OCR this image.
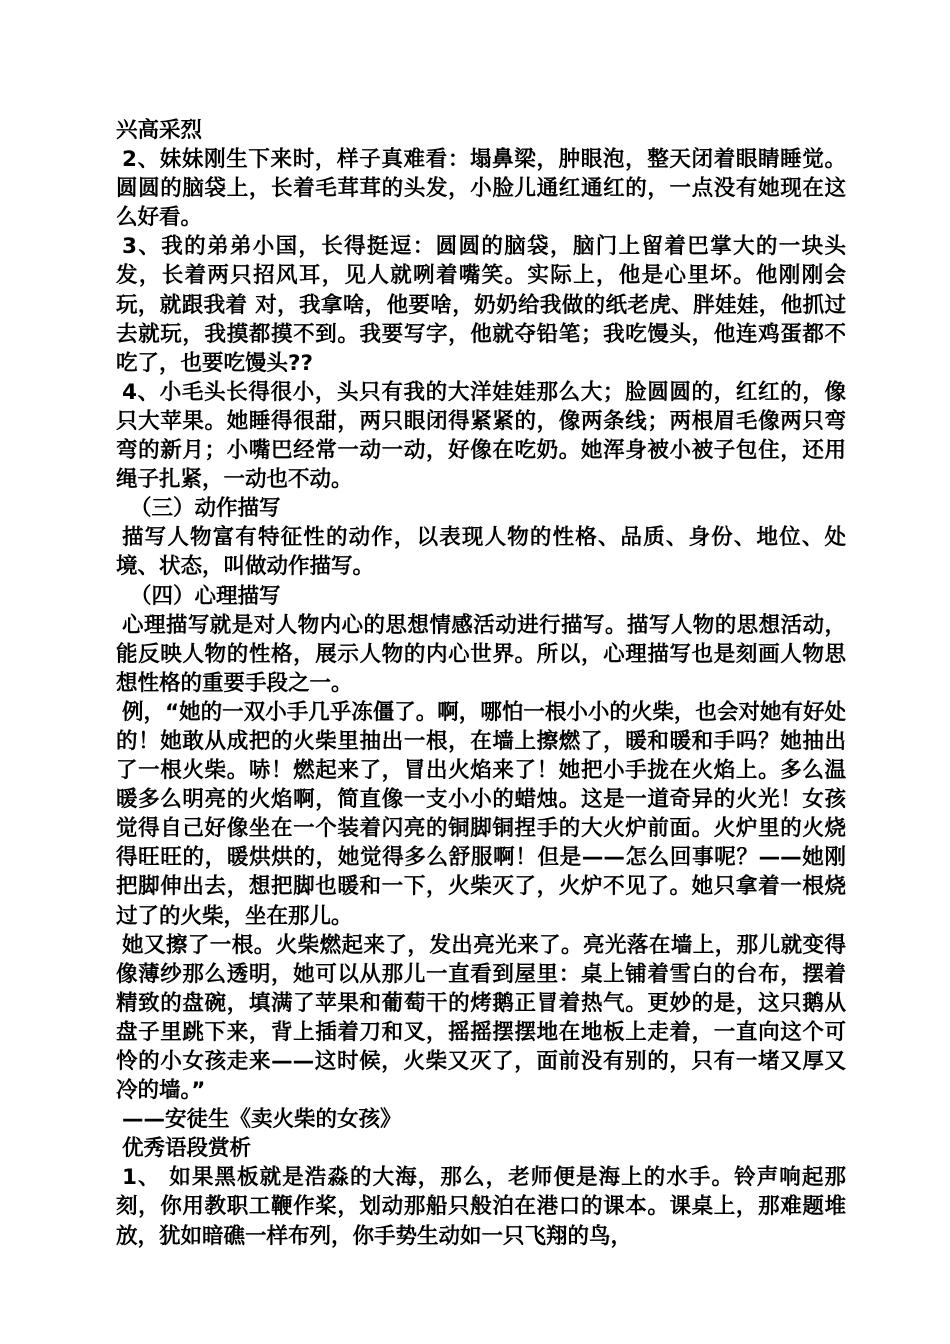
兴高采烈

2、妹妹刚生下来时，样子真难看：塌鼻梁，肿眼泡，整天闭着眼睛睡觉。圆圆的脑袋上，长着毛茸茸的头发，小脸儿通红通红的，一点没有她现在这么好看。

3、我的弟弟小国，长得挺逗：圆圆的脑袋，脑门上留着巴掌大的一块头发，长着两只招风耳，见人就咧着嘴笑。实际上，他是心里坏。他刚刚会玩，就跟我着 对，我拿啥，他要啥，奶奶给我做的纸老虎、胖娃娃，他抓过去就玩，我摸都摸不到。我要写字，他就夺铅笔；我吃馒头，他连鸡蛋都不吃了，也要吃馒头??

4、小毛头长得很小，头只有我的大洋娃娃那么大；脸圆圆的，红红的，像只大苹果。她睡得很甜，两只眼闭得紧紧的，像两条线；两根眉毛像两只弯弯的新月；小嘴巴经常一动一动，好像在吃奶。她浑身被小被子包住，还用绳子扎紧，一动也不动。

（三）动作描写

描写人物富有特征性的动作，以表现人物的性格、品质、身份、地位、处境、状态，叫做动作描写。

（四）心理描写

心理描写就是对人物内心的思想情感活动进行描写。描写人物的思想活动，能反映人物的性格，展示人物的内心世界。所以，心理描写也是刻画人物思想性格的重要手段之一。

例，“她的一双小手几乎冻僵了。啊，哪怕一根小小的火柴，也会对她有好处的！她敢从成把的火柴里抽出一根，在墙上擦燃了，暖和暖和手吗？她抽出了一根火柴。哧！燃起来了，冒出火焰来了！她把小手拢在火焰上。多么温暖多么明亮的火焰啊，简直像一支小小的蜡烛。这是一道奇异的火光！女孩觉得自己好像坐在一个装着闪亮的铜脚铜捏手的大火炉前面。火炉里的火烧得旺旺的，暖烘烘的，她觉得多么舒服啊！但是——怎么回事呢？——她刚把脚伸出去，想把脚也暖和一下，火柴灭了，火炉不见了。她只拿着一根烧过了的火柴，坐在那儿。

她又擦了一根。火柴燃起来了，发出亮光来了。亮光落在墙上，那儿就变得像薄纱那么透明，她可以从那儿一直看到屋里：桌上铺着雪白的台布，摆着精致的盘碗，填满了苹果和葡萄干的烤鹅正冒着热气。更妙的是，这只鹅从盘子里跳下来，背上插着刀和叉，摇摇摆摆地在地板上走着，一直向这个可怜的小女孩走来——这时候，火柴又灭了，面前没有别的，只有一堵又厚又冷的墙。”

——安徒生《卖火柴的女孩》

优秀语段赏析

1、 如果黑板就是浩淼的大海，那么，老师便是海上的水手。铃声响起那刻，你用教职工鞭作桨，划动那船只般泊在港口的课本。课桌上，那难题堆放，犹如暗礁一样布列，你手势生动如一只飞翔的鸟，
